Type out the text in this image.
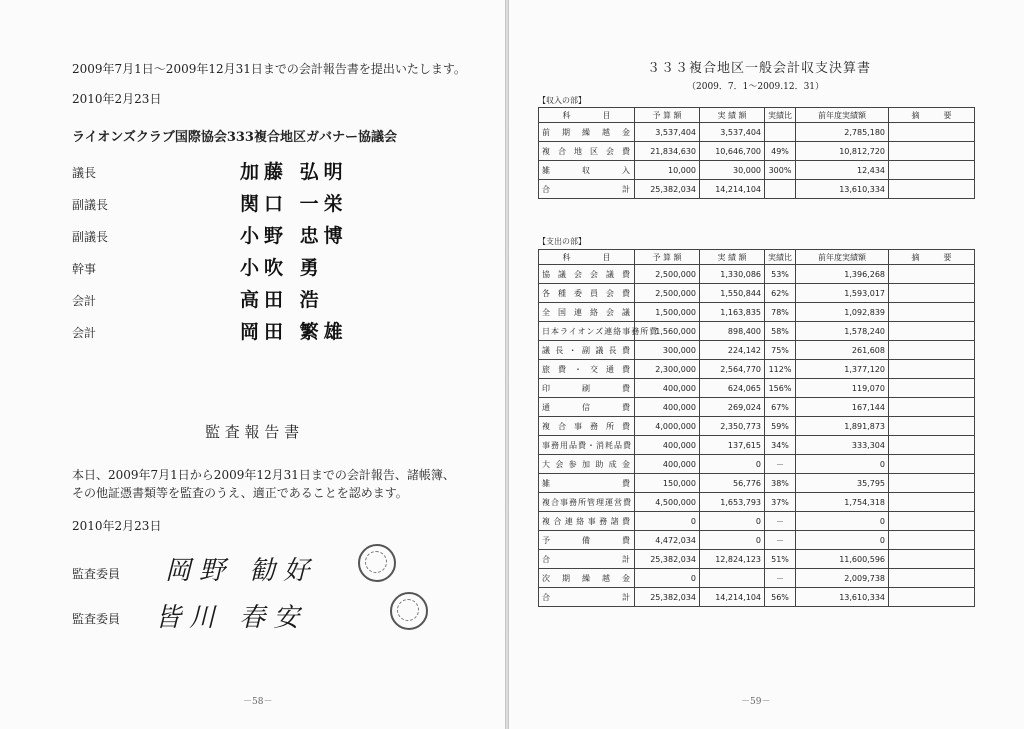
2009年7月1日～2009年12月31日までの会計報告書を提出いたします。
2010年2月23日
ライオンズクラブ国際協会333複合地区ガバナー協議会
議長	加藤 弘明
副議長	関口 一栄
副議長	小野 忠博
幹事	小吹 勇
会計	高田 浩
会計	岡田 繁雄
監 査 報 告 書
本日、2009年7月1日から2009年12月31日までの会計報告、諸帳簿、
その他証憑書類等を監査のうえ、適正であることを認めます。
2010年2月23日
監査委員 岡野 勧好
監査委員 皆川 春安
－58－
３３３複合地区一般会計収支決算書
（2009．7．1～2009.12．31）
【収入の部】
科　　　　目	予 算 額	実 績 額	実績比	前年度実績額	摘　　　要
前期繰越金	3,537,404	3,537,404		2,785,180	
複合地区会費	21,834,630	10,646,700	49%	10,812,720	
雑収入	10,000	30,000	300%	12,434	
合計	25,382,034	14,214,104		13,610,334	
【支出の部】
科　　　　目	予 算 額	実 績 額	実績比	前年度実績額	摘　　　要
協議会会議費	2,500,000	1,330,086	53%	1,396,268	
各種委員会費	2,500,000	1,550,844	62%	1,593,017	
全国連絡会議	1,500,000	1,163,835	78%	1,092,839	
日本ライオンズ連絡事務所費	1,560,000	898,400	58%	1,578,240	
議長・副議長費	300,000	224,142	75%	261,608	
旅費・交通費	2,300,000	2,564,770	112%	1,377,120	
印刷費	400,000	624,065	156%	119,070	
通信費	400,000	269,024	67%	167,144	
複合事務所費	4,000,000	2,350,773	59%	1,891,873	
事務用品費・消耗品費	400,000	137,615	34%	333,304	
大会参加助成金	400,000	0	－	0	
雑費	150,000	56,776	38%	35,795	
複合事務所管理運営費	4,500,000	1,653,793	37%	1,754,318	
複合連絡事務諸費	0	0	－	0	
予備費	4,472,034	0	－	0	
合計	25,382,034	12,824,123	51%	11,600,596	
次期繰越金	0		－	2,009,738	
合計	25,382,034	14,214,104	56%	13,610,334	
－59－
